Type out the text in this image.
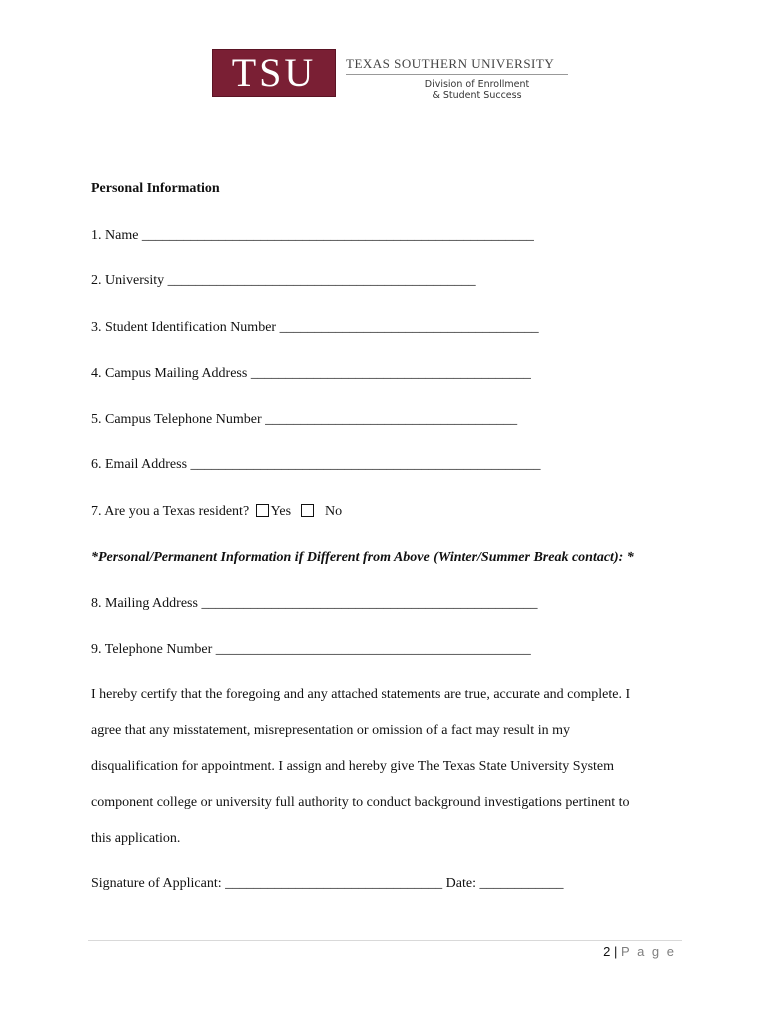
TSU TEXAS SOUTHERN UNIVERSITY
Division of Enrollment
& Student Success
Personal Information
1. Name ________________________________________________________
2. University ____________________________________________
3. Student Identification Number _____________________________________
4. Campus Mailing Address ________________________________________
5. Campus Telephone Number ____________________________________
6. Email Address __________________________________________________
7. Are you a Texas resident? Yes No
*Personal/Permanent Information if Different from Above (Winter/Summer Break contact): *
8. Mailing Address ________________________________________________
9. Telephone Number _____________________________________________
I hereby certify that the foregoing and any attached statements are true, accurate and complete. I
agree that any misstatement, misrepresentation or omission of a fact may result in my
disqualification for appointment. I assign and hereby give The Texas State University System
component college or university full authority to conduct background investigations pertinent to
this application.
Signature of Applicant: _______________________________ Date: ____________
2 | P a g e
